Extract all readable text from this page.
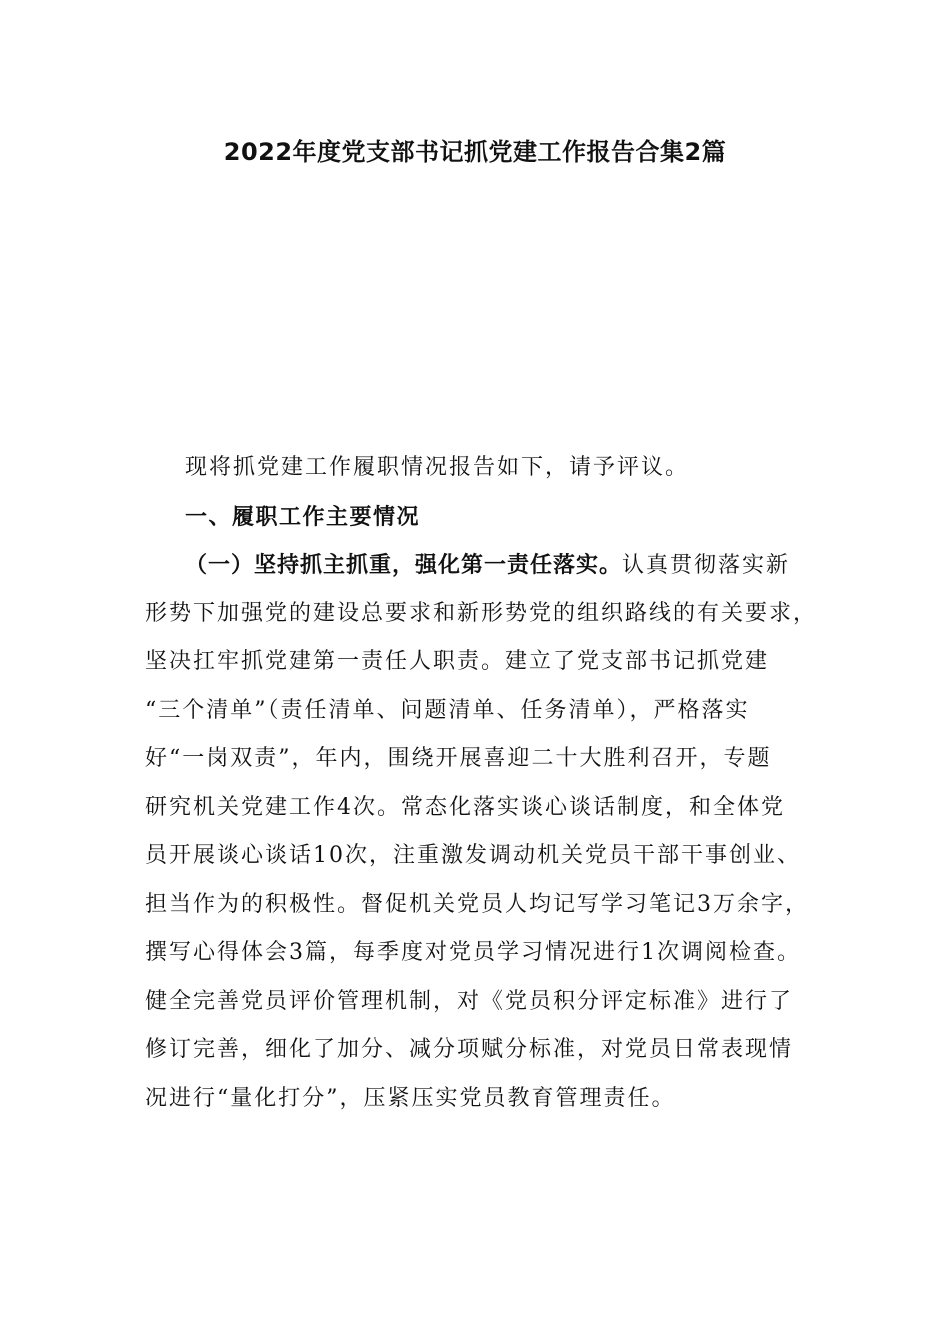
2022年度党支部书记抓党建工作报告合集2篇
现将抓党建工作履职情况报告如下，请予评议。
一、履职工作主要情况
（一）坚持抓主抓重，强化第一责任落实。认真贯彻落实新
形势下加强党的建设总要求和新形势党的组织路线的有关要求，
坚决扛牢抓党建第一责任人职责。建立了党支部书记抓党建
“三个清单”（责任清单、问题清单、任务清单），严格落实
好“一岗双责”，年内，围绕开展喜迎二十大胜利召开，专题
研究机关党建工作4次。常态化落实谈心谈话制度，和全体党
员开展谈心谈话10次，注重激发调动机关党员干部干事创业、
担当作为的积极性。督促机关党员人均记写学习笔记3万余字，
撰写心得体会3篇，每季度对党员学习情况进行1次调阅检查。
健全完善党员评价管理机制，对《党员积分评定标准》进行了
修订完善，细化了加分、减分项赋分标准，对党员日常表现情
况进行“量化打分”，压紧压实党员教育管理责任。
